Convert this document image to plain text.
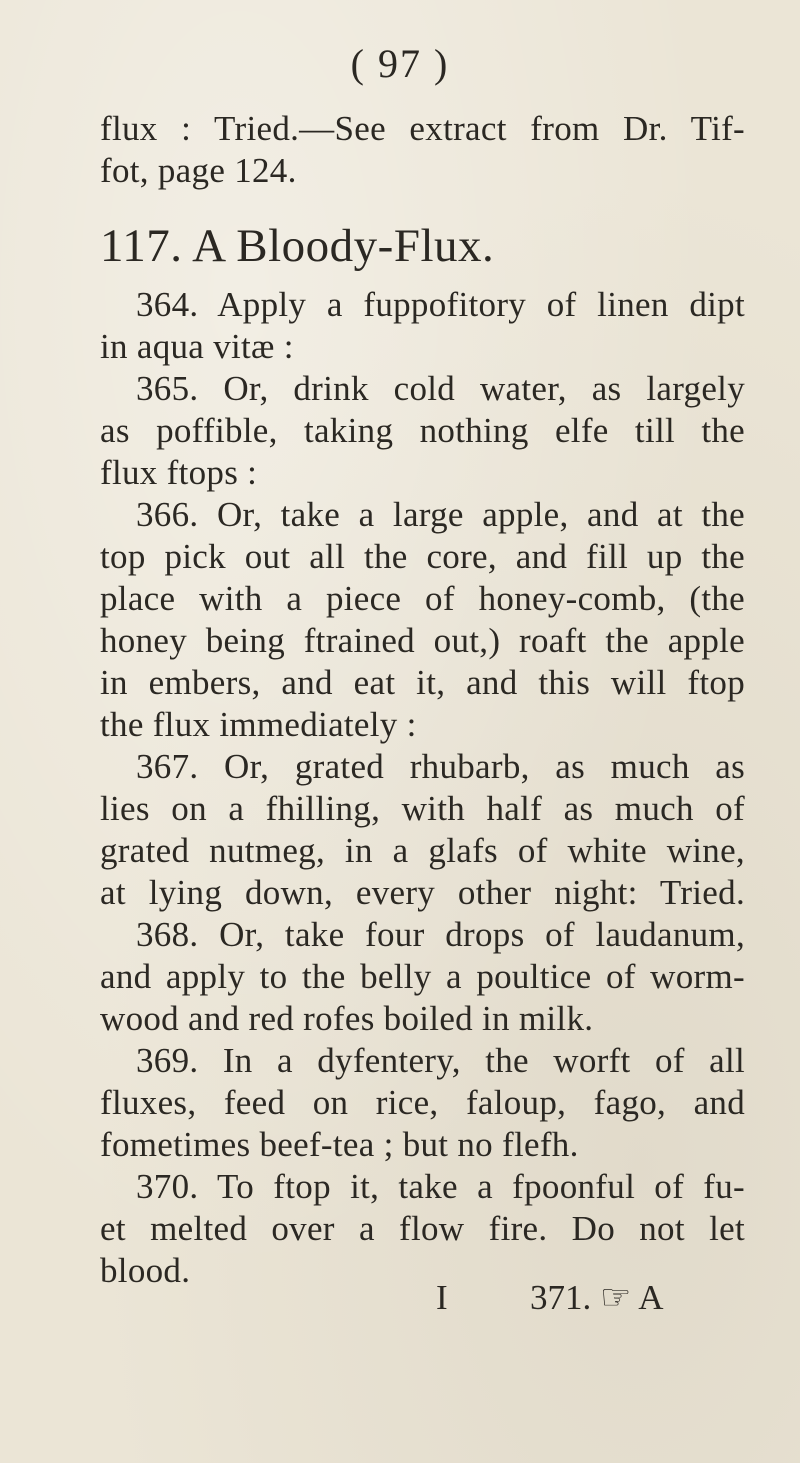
( 97 )
flux : Tried.—See extract from Dr. Tif-
fot, page 124.
117. A Bloody-Flux.
364. Apply a fuppofitory of linen dipt
in aqua vitæ :
365. Or, drink cold water, as largely
as poffible, taking nothing elfe till the
flux ftops :
366. Or, take a large apple, and at the
top pick out all the core, and fill up the
place with a piece of honey-comb, (the
honey being ftrained out,) roaft the apple
in embers, and eat it, and this will ftop
the flux immediately :
367. Or, grated rhubarb, as much as
lies on a fhilling, with half as much of
grated nutmeg, in a glafs of white wine,
at lying down, every other night: Tried.
368. Or, take four drops of laudanum,
and apply to the belly a poultice of worm-
wood and red rofes boiled in milk.
369. In a dyfentery, the worft of all
fluxes, feed on rice, faloup, fago, and
fometimes beef-tea ; but no flefh.
370. To ftop it, take a fpoonful of fu-
et melted over a flow fire. Do not let
blood.
I 371. ☞ A
